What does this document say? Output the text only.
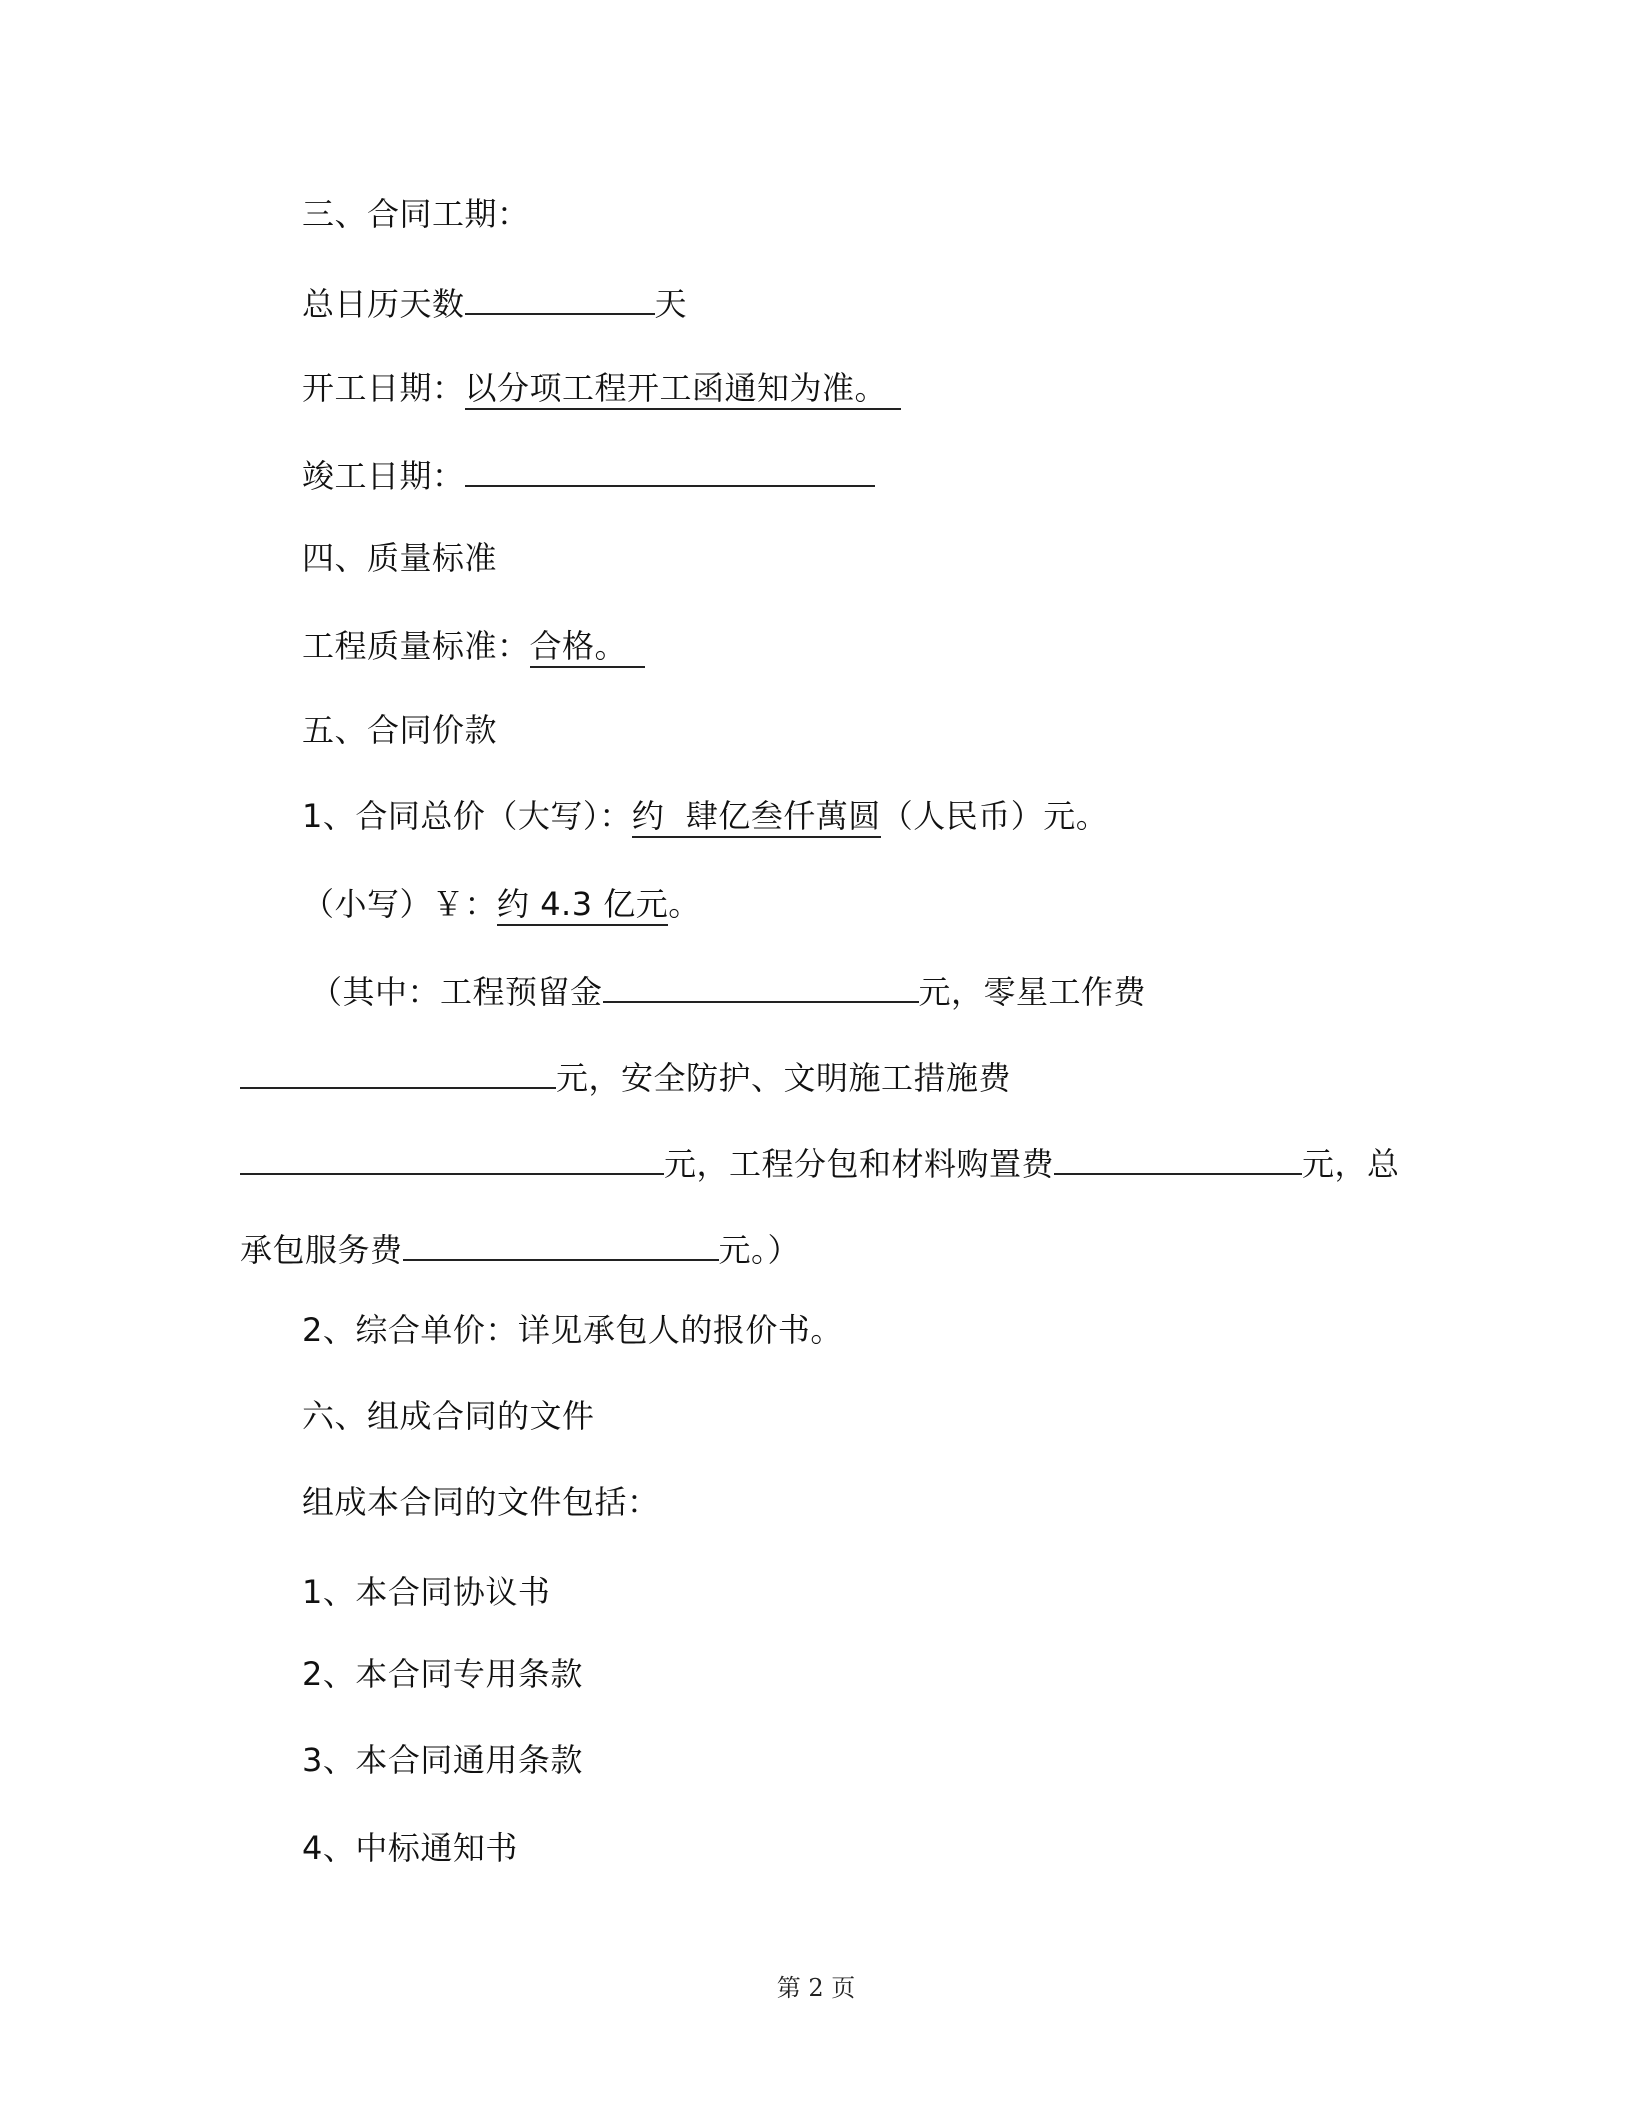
三、合同工期：
总日历天数	天
开工日期：以分项工程开工函通知为准。
竣工日期：
四、质量标准
工程质量标准：合格。
五、合同价款
1、合同总价（大写）：约  肆亿叁仟萬圆（人民币）元。
（小写）￥：约 4.3 亿元。
（其中：工程预留金	元，零星工作费
元，安全防护、文明施工措施费
元，工程分包和材料购置费	元，总
承包服务费	元。）
2、综合单价：详见承包人的报价书。
六、组成合同的文件
组成本合同的文件包括：
1、本合同协议书
2、本合同专用条款
3、本合同通用条款
4、中标通知书
第 2 页
